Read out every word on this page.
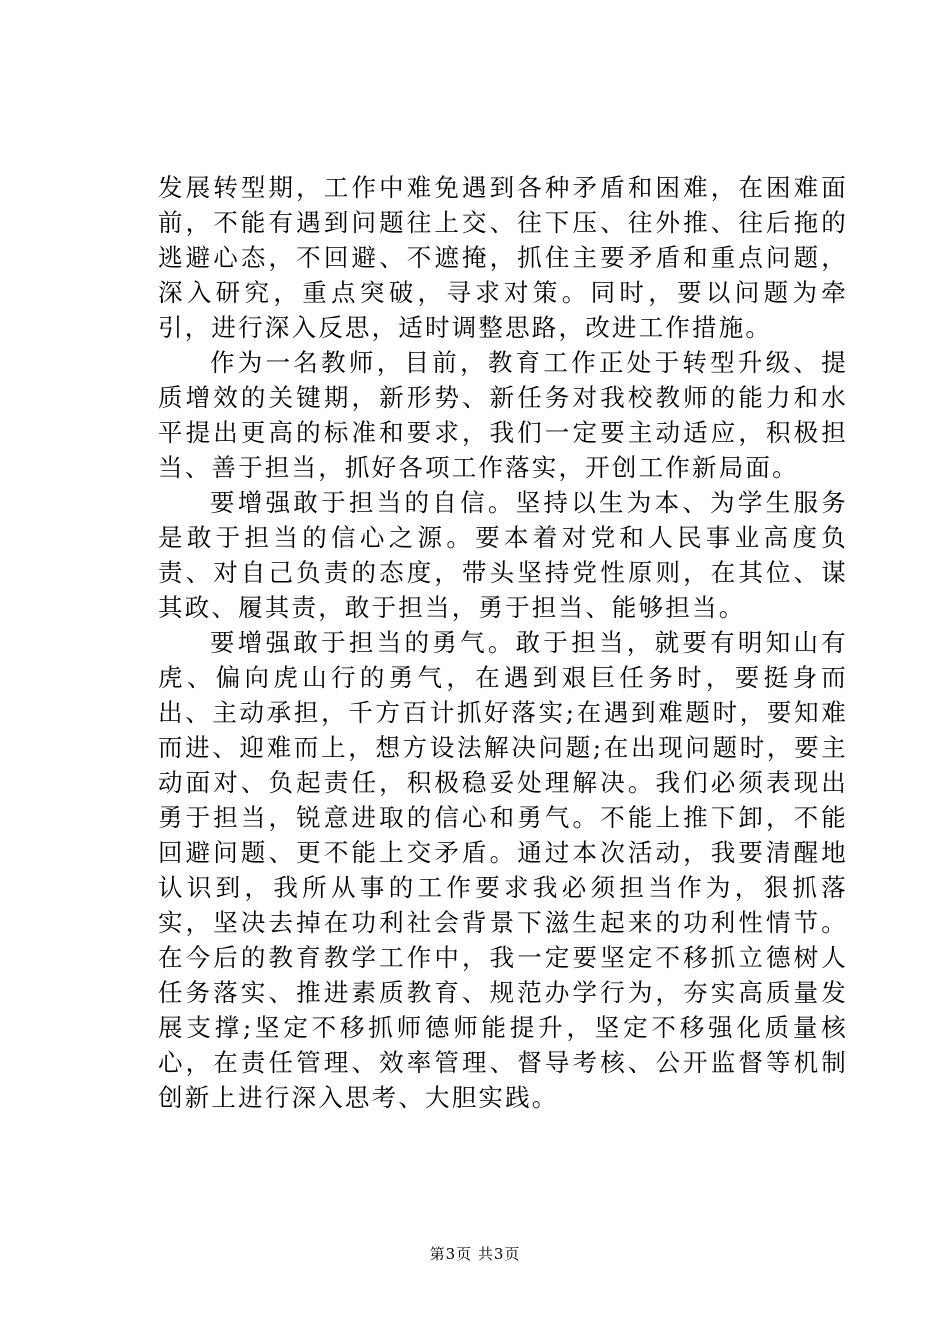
发展转型期，工作中难免遇到各种矛盾和困难，在困难面前，不能有遇到问题往上交、往下压、往外推、往后拖的逃避心态，不回避、不遮掩，抓住主要矛盾和重点问题，深入研究，重点突破，寻求对策。同时，要以问题为牵引，进行深入反思，适时调整思路，改进工作措施。

作为一名教师，目前，教育工作正处于转型升级、提质增效的关键期，新形势、新任务对我校教师的能力和水平提出更高的标准和要求，我们一定要主动适应，积极担当、善于担当，抓好各项工作落实，开创工作新局面。

要增强敢于担当的自信。坚持以生为本、为学生服务是敢于担当的信心之源。要本着对党和人民事业高度负责、对自己负责的态度，带头坚持党性原则，在其位、谋其政、履其责，敢于担当，勇于担当、能够担当。

要增强敢于担当的勇气。敢于担当，就要有明知山有虎、偏向虎山行的勇气，在遇到艰巨任务时，要挺身而出、主动承担，千方百计抓好落实;在遇到难题时，要知难而进、迎难而上，想方设法解决问题;在出现问题时，要主动面对、负起责任，积极稳妥处理解决。我们必须表现出勇于担当，锐意进取的信心和勇气。不能上推下卸，不能回避问题、更不能上交矛盾。通过本次活动，我要清醒地认识到，我所从事的工作要求我必须担当作为，狠抓落实，坚决去掉在功利社会背景下滋生起来的功利性情节。在今后的教育教学工作中，我一定要坚定不移抓立德树人任务落实、推进素质教育、规范办学行为，夯实高质量发展支撑;坚定不移抓师德师能提升，坚定不移强化质量核心，在责任管理、效率管理、督导考核、公开监督等机制创新上进行深入思考、大胆实践。

第3页 共3页
